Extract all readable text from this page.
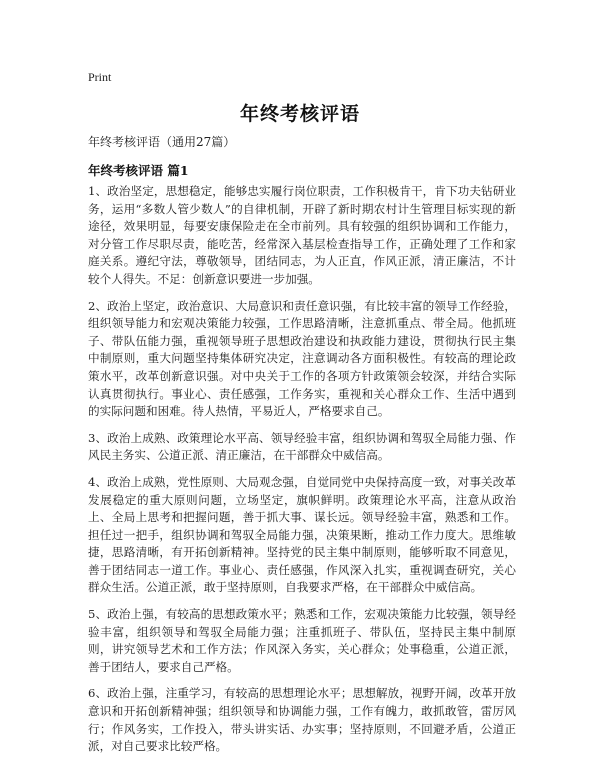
Print
年终考核评语
年终考核评语（通用27篇）
年终考核评语 篇1

1、政治坚定，思想稳定，能够忠实履行岗位职责，工作积极肯干，肯下功夫钻研业务，运用“多数人管少数人”的自律机制，开辟了新时期农村计生管理目标实现的新途径，效果明显，每要安康保险走在全市前列。具有较强的组织协调和工作能力，对分管工作尽职尽责，能吃苦，经常深入基层检查指导工作，正确处理了工作和家庭关系。遵纪守法，尊敬领导，团结同志，为人正直，作风正派，清正廉洁，不计较个人得失。不足：创新意识要进一步加强。

2、政治上坚定，政治意识、大局意识和责任意识强，有比较丰富的领导工作经验，组织领导能力和宏观决策能力较强，工作思路清晰，注意抓重点、带全局。他抓班子、带队伍能力强，重视领导班子思想政治建设和执政能力建设，贯彻执行民主集中制原则，重大问题坚持集体研究决定，注意调动各方面积极性。有较高的理论政策水平，改革创新意识强。对中央关于工作的各项方针政策领会较深，并结合实际认真贯彻执行。事业心、责任感强，工作务实，重视和关心群众工作、生活中遇到的实际问题和困难。待人热情，平易近人，严格要求自己。

3、政治上成熟、政策理论水平高、领导经验丰富，组织协调和驾驭全局能力强、作风民主务实、公道正派、清正廉洁，在干部群众中威信高。

4、政治上成熟，党性原则、大局观念强，自觉同党中央保持高度一致，对事关改革发展稳定的重大原则问题，立场坚定，旗帜鲜明。政策理论水平高，注意从政治上、全局上思考和把握问题，善于抓大事、谋长远。领导经验丰富，熟悉和工作。担任过一把手，组织协调和驾驭全局能力强，决策果断，推动工作力度大。思维敏捷，思路清晰，有开拓创新精神。坚持党的民主集中制原则，能够听取不同意见，善于团结同志一道工作。事业心、责任感强，作风深入扎实，重视调查研究，关心群众生活。公道正派，敢于坚持原则，自我要求严格，在干部群众中威信高。

5、政治上强，有较高的思想政策水平；熟悉和工作，宏观决策能力比较强，领导经验丰富，组织领导和驾驭全局能力强；注重抓班子、带队伍，坚持民主集中制原则，讲究领导艺术和工作方法；作风深入务实，关心群众；处事稳重，公道正派，善于团结人，要求自己严格。

6、政治上强，注重学习，有较高的思想理论水平；思想解放，视野开阔，改革开放意识和开拓创新精神强；组织领导和协调能力强，工作有魄力，敢抓敢管，雷厉风行；作风务实，工作投入，带头讲实话、办实事；坚持原则，不回避矛盾，公道正派，对自己要求比较严格。
